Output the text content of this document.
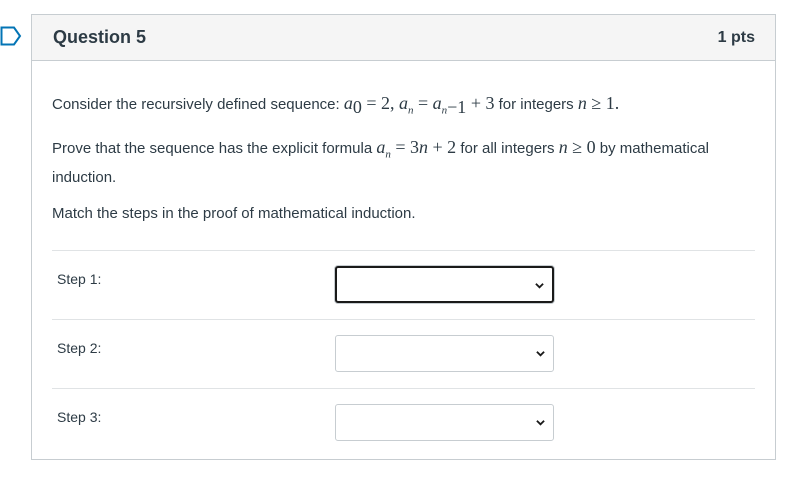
Question 5	1 pts

Consider the recursively defined sequence: $a_0 = 2$, $a_n = a_{n-1} + 3$ for integers n ≥ 1.

Prove that the sequence has the explicit formula $a_n = 3n + 2$ for all integers n ≥ 0 by mathematical induction.

Match the steps in the proof of mathematical induction.

Step 1:
Step 2:
Step 3:
